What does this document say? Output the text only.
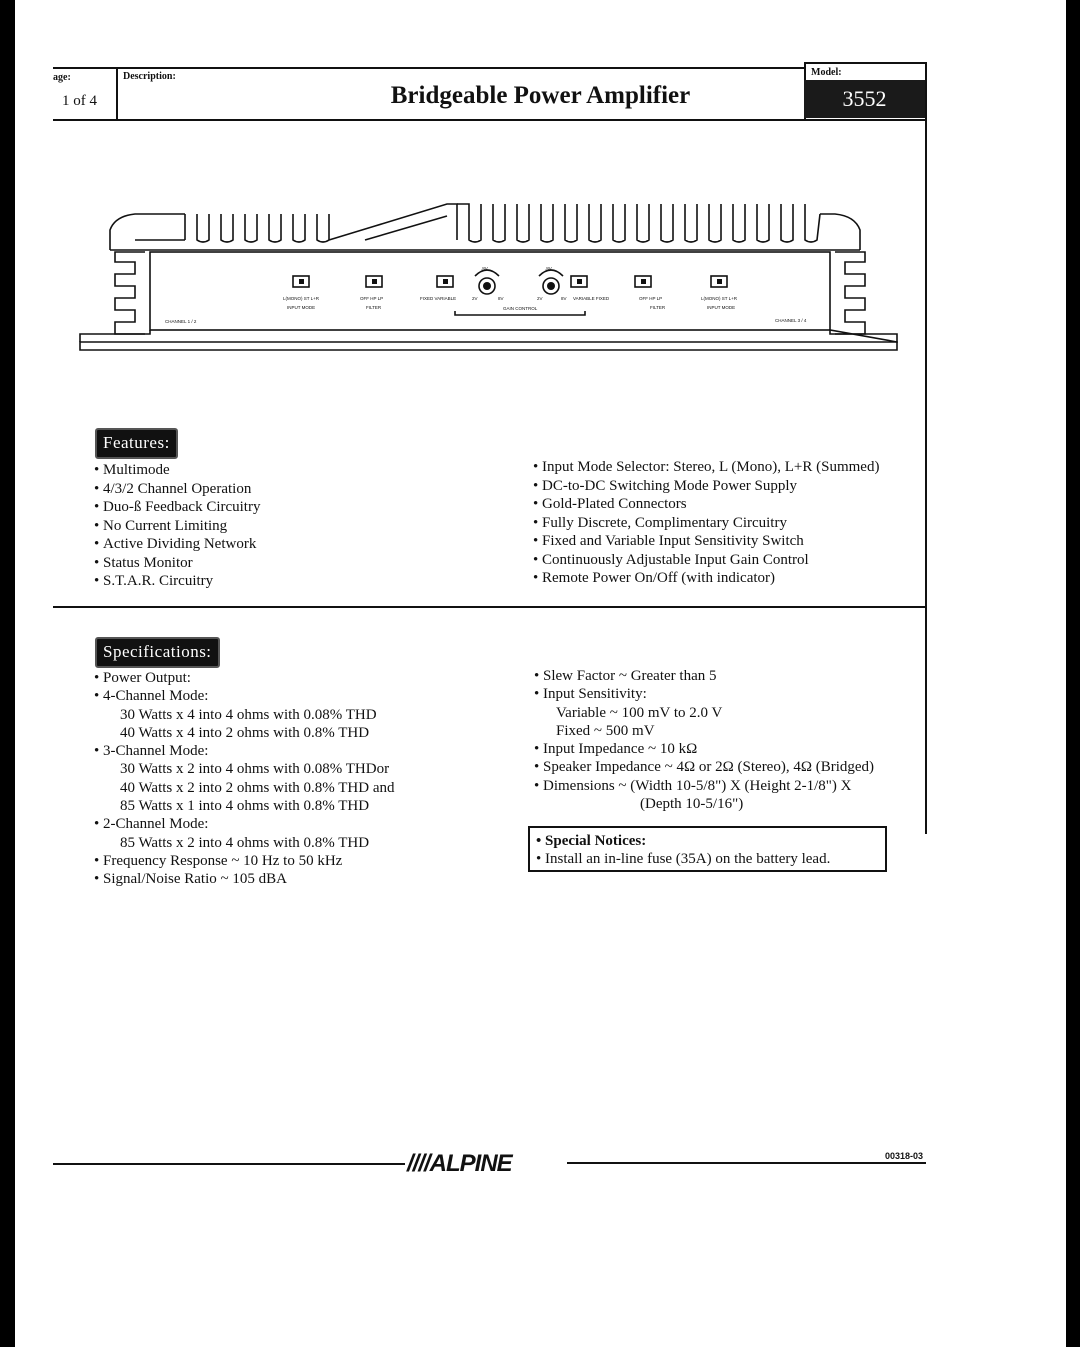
age:
1 of 4
Description:
Bridgeable Power Amplifier
Model:
3552
L(MONO) ST L+R
INPUT MODE
OFF HP LP
FILTER
FIXED VARIABLE	2V	8V
.8V
GAIN CONTROL
2V	8V
.8V
VARIABLE FIXED	OFF HP LP
FILTER
L(MONO) ST L+R
INPUT MODE
CHANNEL 1 / 2	CHANNEL 3 / 4
Features:
• Multimode
• 4/3/2 Channel Operation
• Duo-ß Feedback Circuitry
• No Current Limiting
• Active Dividing Network
• Status Monitor
• S.T.A.R. Circuitry
• Input Mode Selector: Stereo, L (Mono), L+R (Summed)
• DC-to-DC Switching Mode Power Supply
• Gold-Plated Connectors
• Fully Discrete, Complimentary Circuitry
• Fixed and Variable Input Sensitivity Switch
• Continuously Adjustable Input Gain Control
• Remote Power On/Off (with indicator)
Specifications:
• Power Output:
• 4-Channel Mode:
30 Watts x 4 into 4 ohms with 0.08% THD
40 Watts x 4 into 2 ohms with 0.8% THD
• 3-Channel Mode:
30 Watts x 2 into 4 ohms with 0.08% THDor
40 Watts x 2 into 2 ohms with 0.8% THD and
85 Watts x 1 into 4 ohms with 0.8% THD
• 2-Channel Mode:
85 Watts x 2 into 4 ohms with 0.8% THD
• Frequency Response ~ 10 Hz to 50 kHz
• Signal/Noise Ratio ~ 105 dBA
• Slew Factor ~ Greater than 5
• Input Sensitivity:
Variable ~ 100 mV to 2.0 V
Fixed ~ 500 mV
• Input Impedance ~ 10 kΩ
• Speaker Impedance ~ 4Ω or 2Ω (Stereo), 4Ω (Bridged)
• Dimensions ~ (Width 10-5/8") X (Height 2-1/8") X
(Depth 10-5/16")
• Special Notices:
• Install an in-line fuse (35A) on the battery lead.
////ALPINE	00318-03
